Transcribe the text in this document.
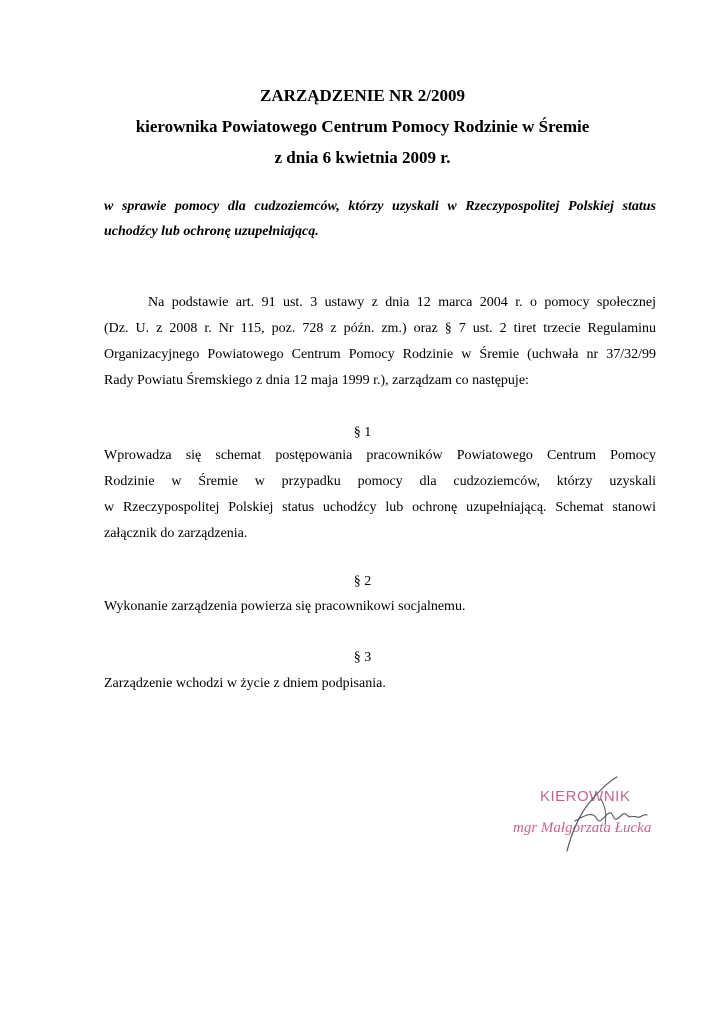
ZARZĄDZENIE NR 2/2009
kierownika Powiatowego Centrum Pomocy Rodzinie w Śremie
z dnia 6 kwietnia 2009 r.
w sprawie pomocy dla cudzoziemców, którzy uzyskali w Rzeczypospolitej Polskiej status uchodźcy lub ochronę uzupełniającą.
Na podstawie art. 91 ust. 3 ustawy z dnia 12 marca 2004 r. o pomocy społecznej
(Dz. U. z 2008 r. Nr 115, poz. 728 z późn. zm.) oraz § 7 ust. 2 tiret trzecie Regulaminu
Organizacyjnego Powiatowego Centrum Pomocy Rodzinie w Śremie (uchwała nr 37/32/99
Rady Powiatu Śremskiego z dnia 12 maja 1999 r.), zarządzam co następuje:
§ 1
Wprowadza się schemat postępowania pracowników Powiatowego Centrum Pomocy
Rodzinie w Śremie w przypadku pomocy dla cudzoziemców, którzy uzyskali
w Rzeczypospolitej Polskiej status uchodźcy lub ochronę uzupełniającą. Schemat stanowi
załącznik do zarządzenia.
§ 2
Wykonanie zarządzenia powierza się pracownikowi socjalnemu.
§ 3
Zarządzenie wchodzi w życie z dniem podpisania.
KIEROWNIK
mgr Małgorzata Łucka
